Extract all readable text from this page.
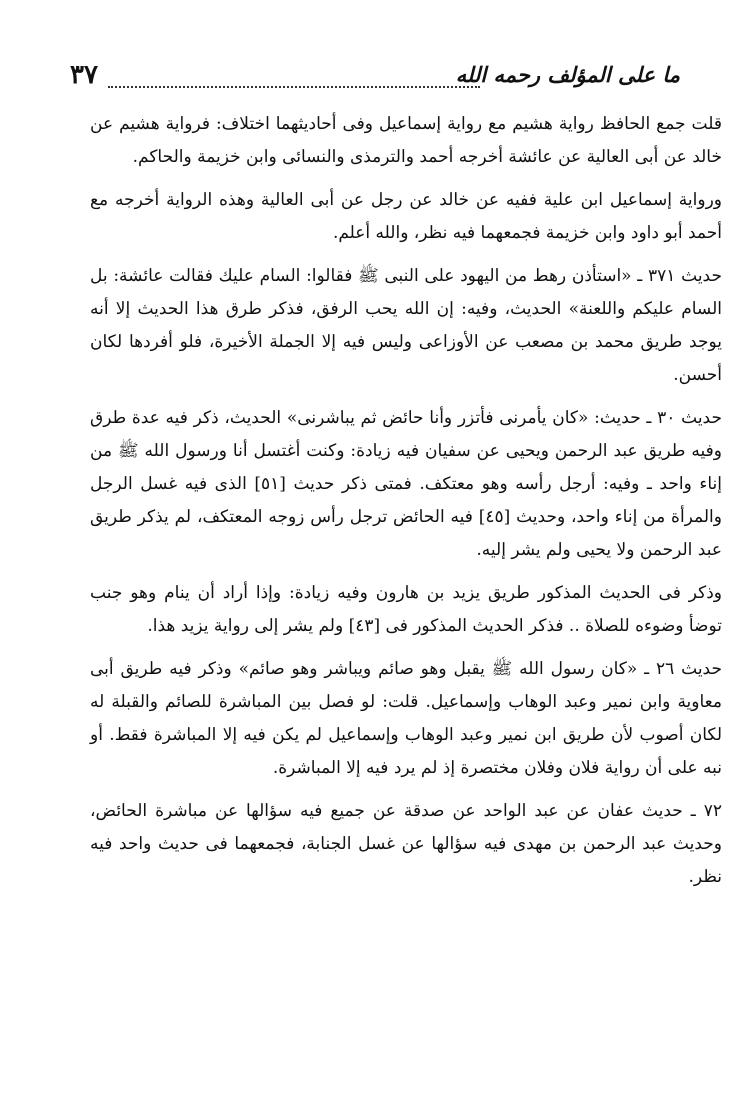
ما على المؤلف رحمه الله
٣٧

قلت جمع الحافظ رواية هشيم مع رواية إسماعيل وفى أحاديثهما اختلاف: فرواية هشيم عن خالد عن أبى العالية عن عائشة أخرجه أحمد والترمذى والنسائى وابن خزيمة والحاكم.

ورواية إسماعيل ابن علية ففيه عن خالد عن رجل عن أبى العالية وهذه الرواية أخرجه مع أحمد أبو داود وابن خزيمة فجمعهما فيه نظر، والله أعلم.

حديث ٣٧١ ـ «استأذن رهط من اليهود على النبى ﷺ فقالوا: السام عليك فقالت عائشة: بل السام عليكم واللعنة» الحديث، وفيه: إن الله يحب الرفق، فذكر طرق هذا الحديث إلا أنه يوجد طريق محمد بن مصعب عن الأوزاعى وليس فيه إلا الجملة الأخيرة، فلو أفردها لكان أحسن.

حديث ٣٠ ـ حديث: «كان يأمرنى فأتزر وأنا حائض ثم يباشرنى» الحديث، ذكر فيه عدة طرق وفيه طريق عبد الرحمن ويحيى عن سفيان فيه زيادة: وكنت أغتسل أنا ورسول الله ﷺ من إناء واحد ـ وفيه: أرجل رأسه وهو معتكف. فمتى ذكر حديث [٥١] الذى فيه غسل الرجل والمرأة من إناء واحد، وحديث [٤٥] فيه الحائض ترجل رأس زوجه المعتكف، لم يذكر طريق عبد الرحمن ولا يحيى ولم يشر إليه.

وذكر فى الحديث المذكور طريق يزيد بن هارون وفيه زيادة: وإذا أراد أن ينام وهو جنب توضأ وضوءه للصلاة .. فذكر الحديث المذكور فى [٤٣] ولم يشر إلى رواية يزيد هذا.

حديث ٢٦ ـ «كان رسول الله ﷺ يقبل وهو صائم ويباشر وهو صائم» وذكر فيه طريق أبى معاوية وابن نمير وعبد الوهاب وإسماعيل. قلت: لو فصل بين المباشرة للصائم والقبلة له لكان أصوب لأن طريق ابن نمير وعبد الوهاب وإسماعيل لم يكن فيه إلا المباشرة فقط. أو نبه على أن رواية فلان وفلان مختصرة إذ لم يرد فيه إلا المباشرة.

٧٢ ـ حديث عفان عن عبد الواحد عن صدقة عن جميع فيه سؤالها عن مباشرة الحائض، وحديث عبد الرحمن بن مهدى فيه سؤالها عن غسل الجنابة، فجمعهما فى حديث واحد فيه نظر.
